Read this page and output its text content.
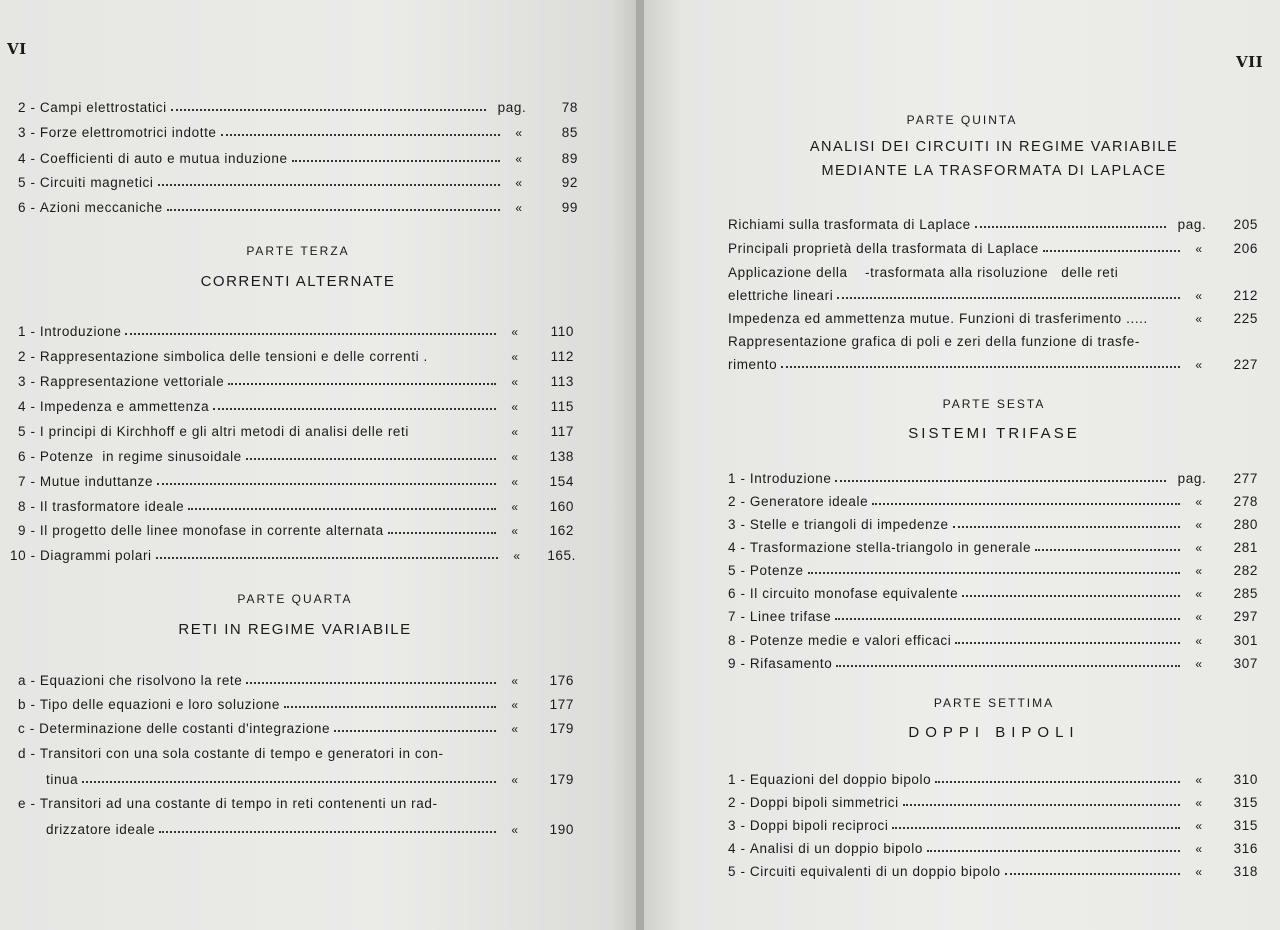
VI
2 - Campi elettrostatici	pag.	78
3 - Forze elettromotrici indotte	«	85
4 - Coefficienti di auto e mutua induzione	«	89
5 - Circuiti magnetici	«	92
6 - Azioni meccaniche	«	99
PARTE TERZA
CORRENTI ALTERNATE
1 - Introduzione	«	110
2 - Rappresentazione simbolica delle tensioni e delle correnti .	«	112
3 - Rappresentazione vettoriale	«	113
4 - Impedenza e ammettenza	«	115
5 - I principi di Kirchhoff e gli altri metodi di analisi delle reti	«	117
6 - Potenze  in regime sinusoidale	«	138
7 - Mutue induttanze	«	154
8 - Il trasformatore ideale	«	160
9 - Il progetto delle linee monofase in corrente alternata	«	162
10 - Diagrammi polari	«	165.
PARTE QUARTA
RETI IN REGIME VARIABILE
a - Equazioni che risolvono la rete	«	176
b - Tipo delle equazioni e loro soluzione	«	177
c - Determinazione delle costanti d'integrazione	«	179
d - Transitori con una sola costante di tempo e generatori in con-
tinua	«	179
e - Transitori ad una costante di tempo in reti contenenti un rad-
drizzatore ideale	«	190
VII
PARTE QUINTA
ANALISI DEI CIRCUITI IN REGIME VARIABILE
MEDIANTE LA TRASFORMATA DI LAPLACE
Richiami sulla trasformata di Laplace	pag.	205
Principali proprietà della trasformata di Laplace	«	206
Applicazione della    -trasformata alla risoluzione   delle reti
elettriche lineari	«	212
Impedenza ed ammettenza mutue. Funzioni di trasferimento .....	«	225
Rappresentazione grafica di poli e zeri della funzione di trasfe-
rimento	«	227
PARTE SESTA
SISTEMI TRIFASE
1 - Introduzione	pag.	277
2 - Generatore ideale	«	278
3 - Stelle e triangoli di impedenze	«	280
4 - Trasformazione stella-triangolo in generale	«	281
5 - Potenze	«	282
6 - Il circuito monofase equivalente	«	285
7 - Linee trifase	«	297
8 - Potenze medie e valori efficaci	«	301
9 - Rifasamento	«	307
PARTE SETTIMA
DOPPI BIPOLI
1 - Equazioni del doppio bipolo	«	310
2 - Doppi bipoli simmetrici	«	315
3 - Doppi bipoli reciproci	«	315
4 - Analisi di un doppio bipolo	«	316
5 - Circuiti equivalenti di un doppio bipolo	«	318
